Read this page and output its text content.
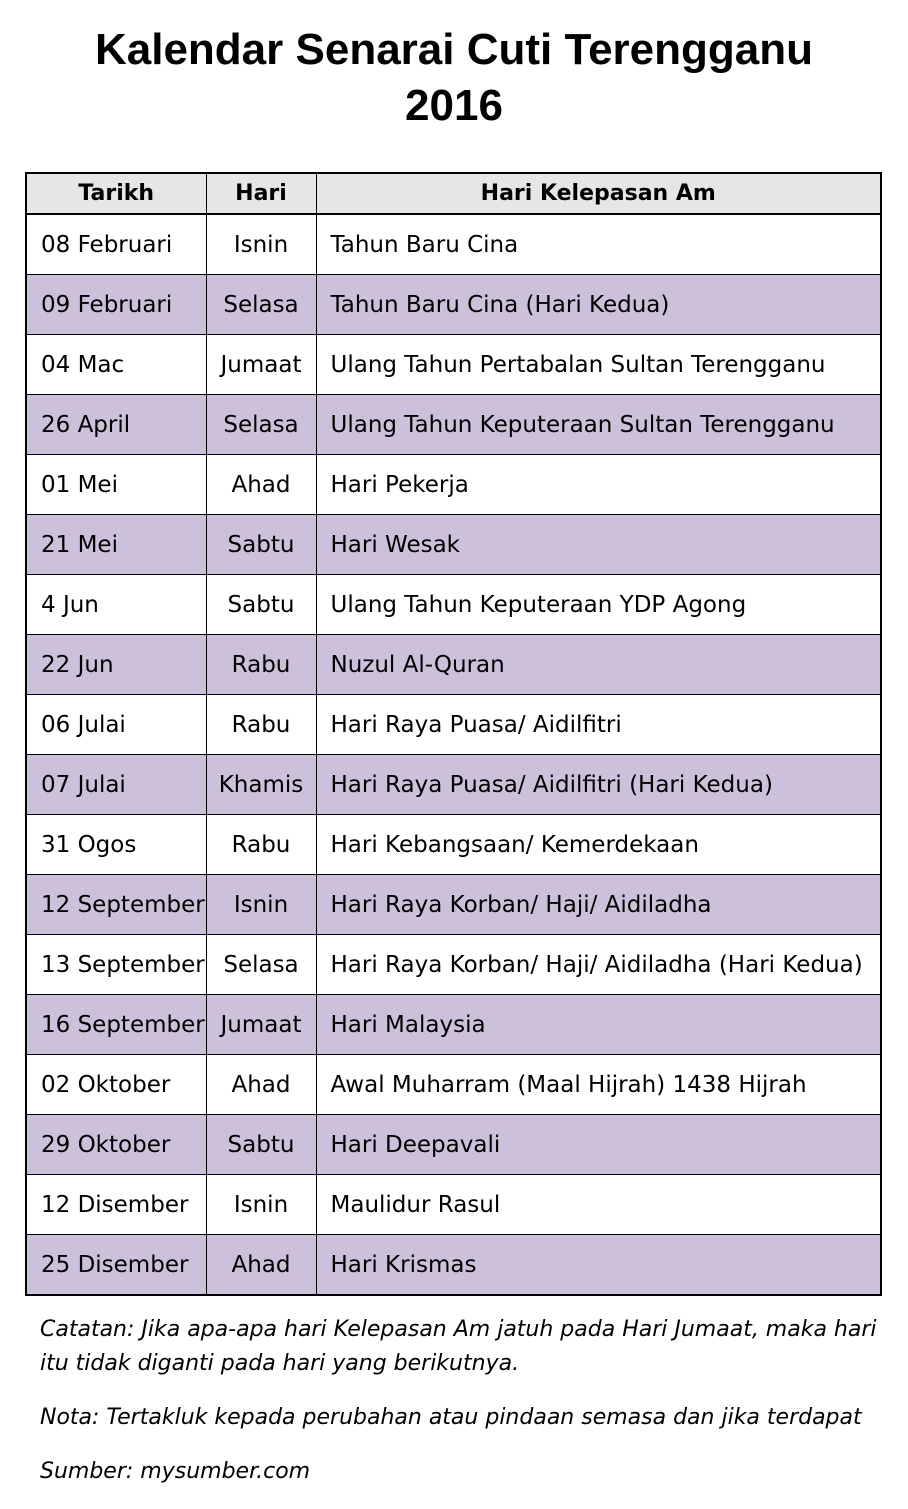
Kalendar Senarai Cuti Terengganu
2016
Tarikh	Hari	Hari Kelepasan Am
08 Februari	Isnin	Tahun Baru Cina
09 Februari	Selasa	Tahun Baru Cina (Hari Kedua)
04 Mac	Jumaat	Ulang Tahun Pertabalan Sultan Terengganu
26 April	Selasa	Ulang Tahun Keputeraan Sultan Terengganu
01 Mei	Ahad	Hari Pekerja
21 Mei	Sabtu	Hari Wesak
4 Jun	Sabtu	Ulang Tahun Keputeraan YDP Agong
22 Jun	Rabu	Nuzul Al-Quran
06 Julai	Rabu	Hari Raya Puasa/ Aidilfitri
07 Julai	Khamis	Hari Raya Puasa/ Aidilfitri (Hari Kedua)
31 Ogos	Rabu	Hari Kebangsaan/ Kemerdekaan
12 September	Isnin	Hari Raya Korban/ Haji/ Aidiladha
13 September	Selasa	Hari Raya Korban/ Haji/ Aidiladha (Hari Kedua)
16 September	Jumaat	Hari Malaysia
02 Oktober	Ahad	Awal Muharram (Maal Hijrah) 1438 Hijrah
29 Oktober	Sabtu	Hari Deepavali
12 Disember	Isnin	Maulidur Rasul
25 Disember	Ahad	Hari Krismas

Catatan: Jika apa-apa hari Kelepasan Am jatuh pada Hari Jumaat, maka hari itu tidak diganti pada hari yang berikutnya.

Nota: Tertakluk kepada perubahan atau pindaan semasa dan jika terdapat

Sumber: mysumber.com
